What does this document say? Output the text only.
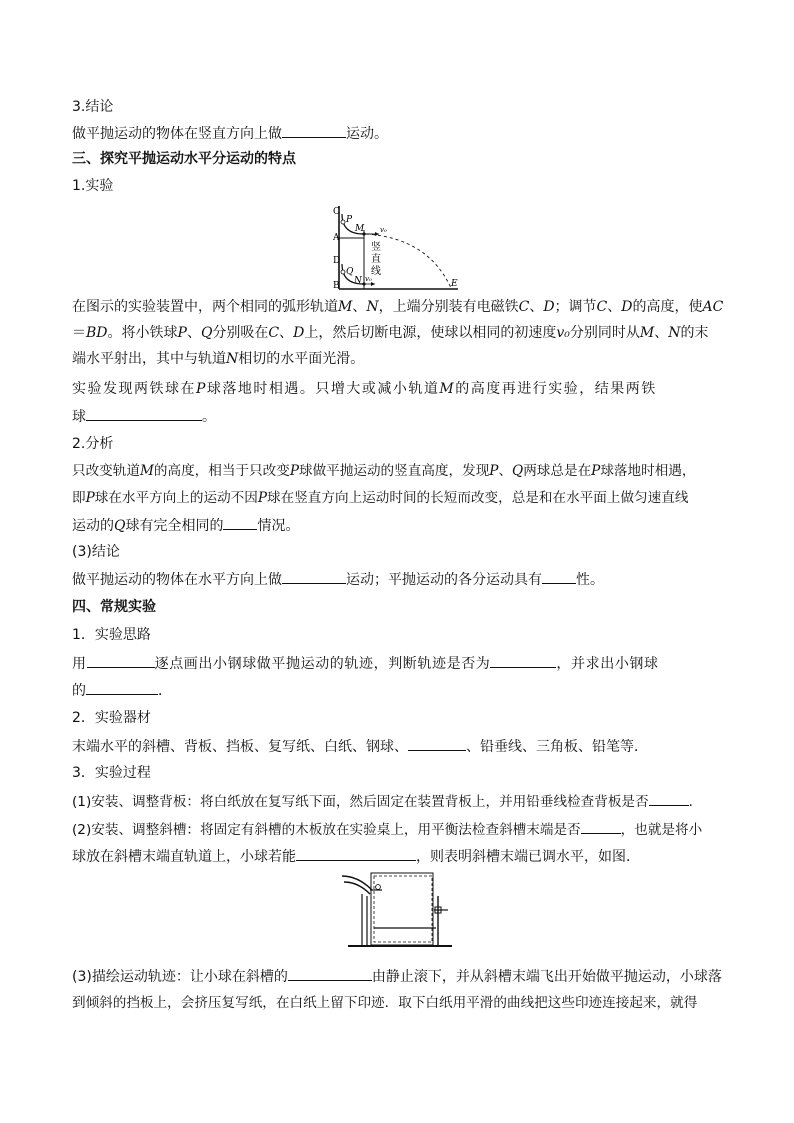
3.结论
做平抛运动的物体在竖直方向上做	运动。
三、探究平抛运动水平分运动的特点
1.实验
C
P
M
A
v₀
D
Q
N
B
v₀	E
竖
直
线
在图示的实验装置中，两个相同的弧形轨道M、N，上端分别装有电磁铁C、D；调节C、D的高度，使AC
＝BD。将小铁球P、Q分别吸在C、D上，然后切断电源，使球以相同的初速度v₀分别同时从M、N的末
端水平射出，其中与轨道N相切的水平面光滑。
实验发现两铁球在P球落地时相遇。只增大或减小轨道M的高度再进行实验，结果两铁
球	。
2.分析
只改变轨道M的高度，相当于只改变P球做平抛运动的竖直高度，发现P、Q两球总是在P球落地时相遇，
即P球在水平方向上的运动不因P球在竖直方向上运动时间的长短而改变，总是和在水平面上做匀速直线
运动的Q球有完全相同的 情况。
(3)结论
做平抛运动的物体在水平方向上做	运动；平抛运动的各分运动具有 性。
四、常规实验
1．实验思路
用	逐点画出小钢球做平抛运动的轨迹，判断轨迹是否为	，并求出小钢球
的	．
2．实验器材
末端水平的斜槽、背板、挡板、复写纸、白纸、钢球、	、铅垂线、三角板、铅笔等．
3．实验过程
(1)安装、调整背板：将白纸放在复写纸下面，然后固定在装置背板上，并用铅垂线检查背板是否	．
(2)安装、调整斜槽：将固定有斜槽的木板放在实验桌上，用平衡法检查斜槽末端是否	，也就是将小
球放在斜槽末端直轨道上，小球若能	，则表明斜槽末端已调水平，如图．
(3)描绘运动轨迹：让小球在斜槽的	由静止滚下，并从斜槽末端飞出开始做平抛运动，小球落
到倾斜的挡板上，会挤压复写纸，在白纸上留下印迹．取下白纸用平滑的曲线把这些印迹连接起来，就得
